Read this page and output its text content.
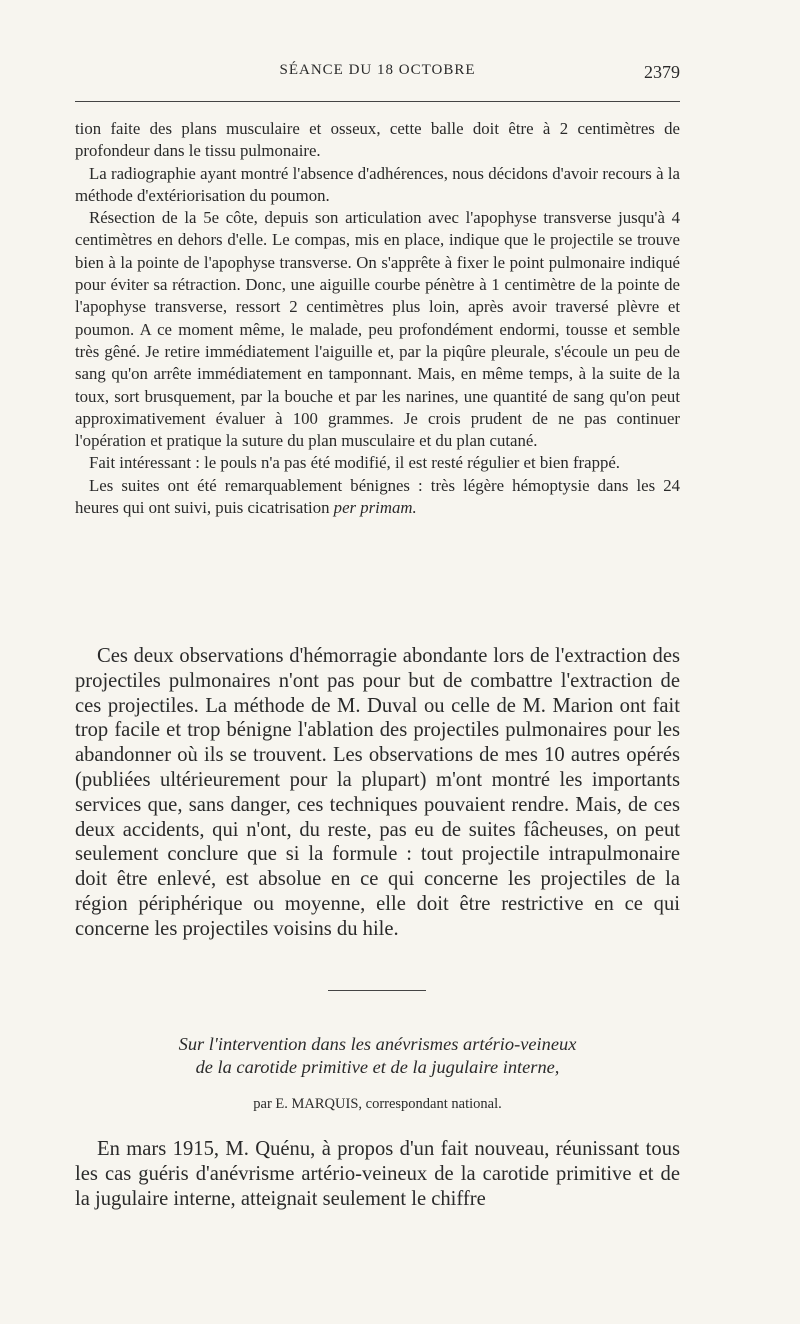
SÉANCE DU 18 OCTOBRE	2379

tion faite des plans musculaire et osseux, cette balle doit être à 2 centimètres de profondeur dans le tissu pulmonaire.

La radiographie ayant montré l'absence d'adhérences, nous décidons d'avoir recours à la méthode d'extériorisation du poumon.

Résection de la 5e côte, depuis son articulation avec l'apophyse transverse jusqu'à 4 centimètres en dehors d'elle. Le compas, mis en place, indique que le projectile se trouve bien à la pointe de l'apophyse transverse. On s'apprête à fixer le point pulmonaire indiqué pour éviter sa rétraction. Donc, une aiguille courbe pénètre à 1 centimètre de la pointe de l'apophyse transverse, ressort 2 centimètres plus loin, après avoir traversé plèvre et poumon. A ce moment même, le malade, peu profondément endormi, tousse et semble très gêné. Je retire immédiatement l'aiguille et, par la piqûre pleurale, s'écoule un peu de sang qu'on arrête immédiatement en tamponnant. Mais, en même temps, à la suite de la toux, sort brusquement, par la bouche et par les narines, une quantité de sang qu'on peut approximativement évaluer à 100 grammes. Je crois prudent de ne pas continuer l'opération et pratique la suture du plan musculaire et du plan cutané.

Fait intéressant : le pouls n'a pas été modifié, il est resté régulier et bien frappé.

Les suites ont été remarquablement bénignes : très légère hémoptysie dans les 24 heures qui ont suivi, puis cicatrisation per primam.

Ces deux observations d'hémorragie abondante lors de l'extraction des projectiles pulmonaires n'ont pas pour but de combattre l'extraction de ces projectiles. La méthode de M. Duval ou celle de M. Marion ont fait trop facile et trop bénigne l'ablation des projectiles pulmonaires pour les abandonner où ils se trouvent. Les observations de mes 10 autres opérés (publiées ultérieurement pour la plupart) m'ont montré les importants services que, sans danger, ces techniques pouvaient rendre. Mais, de ces deux accidents, qui n'ont, du reste, pas eu de suites fâcheuses, on peut seulement conclure que si la formule : tout projectile intrapulmonaire doit être enlevé, est absolue en ce qui concerne les projectiles de la région périphérique ou moyenne, elle doit être restrictive en ce qui concerne les projectiles voisins du hile.

Sur l'intervention dans les anévrismes artério-veineux
de la carotide primitive et de la jugulaire interne,
par E. MARQUIS, correspondant national.

En mars 1915, M. Quénu, à propos d'un fait nouveau, réunissant tous les cas guéris d'anévrisme artério-veineux de la carotide primitive et de la jugulaire interne, atteignait seulement le chiffre
